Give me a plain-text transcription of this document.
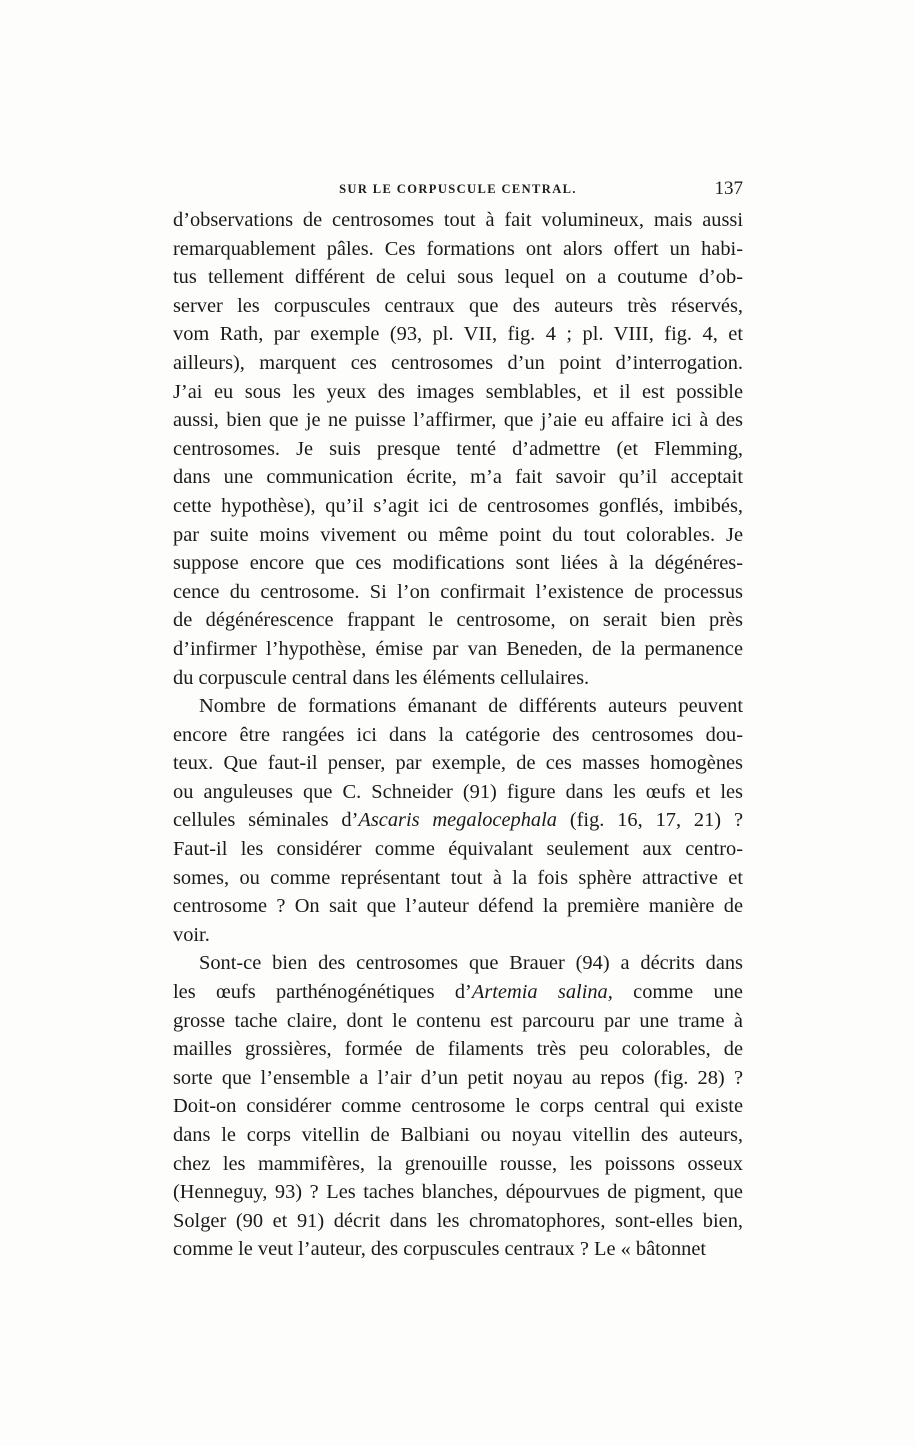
SUR LE CORPUSCULE CENTRAL.	137
d’observations de centrosomes tout à fait volumineux, mais aussi
remarquablement pâles. Ces formations ont alors offert un habi-
tus tellement différent de celui sous lequel on a coutume d’ob-
server les corpuscules centraux que des auteurs très réservés,
vom Rath, par exemple (93, pl. VII, fig. 4 ; pl. VIII, fig. 4, et
ailleurs), marquent ces centrosomes d’un point d’interrogation.
J’ai eu sous les yeux des images semblables, et il est possible
aussi, bien que je ne puisse l’affirmer, que j’aie eu affaire ici à des
centrosomes. Je suis presque tenté d’admettre (et Flemming,
dans une communication écrite, m’a fait savoir qu’il acceptait
cette hypothèse), qu’il s’agit ici de centrosomes gonflés, imbibés,
par suite moins vivement ou même point du tout colorables. Je
suppose encore que ces modifications sont liées à la dégénéres-
cence du centrosome. Si l’on confirmait l’existence de processus
de dégénérescence frappant le centrosome, on serait bien près
d’infirmer l’hypothèse, émise par van Beneden, de la permanence
du corpuscule central dans les éléments cellulaires.
Nombre de formations émanant de différents auteurs peuvent
encore être rangées ici dans la catégorie des centrosomes dou-
teux. Que faut-il penser, par exemple, de ces masses homogènes
ou anguleuses que C. Schneider (91) figure dans les œufs et les
cellules séminales d’Ascaris megalocephala (fig. 16, 17, 21) ?
Faut-il les considérer comme équivalant seulement aux centro-
somes, ou comme représentant tout à la fois sphère attractive et
centrosome ? On sait que l’auteur défend la première manière de
voir.
Sont-ce bien des centrosomes que Brauer (94) a décrits dans
les œufs parthénogénétiques d’Artemia salina, comme une
grosse tache claire, dont le contenu est parcouru par une trame à
mailles grossières, formée de filaments très peu colorables, de
sorte que l’ensemble a l’air d’un petit noyau au repos (fig. 28) ?
Doit-on considérer comme centrosome le corps central qui existe
dans le corps vitellin de Balbiani ou noyau vitellin des auteurs,
chez les mammifères, la grenouille rousse, les poissons osseux
(Henneguy, 93) ? Les taches blanches, dépourvues de pigment, que
Solger (90 et 91) décrit dans les chromatophores, sont-elles bien,
comme le veut l’auteur, des corpuscules centraux ? Le « bâtonnet
